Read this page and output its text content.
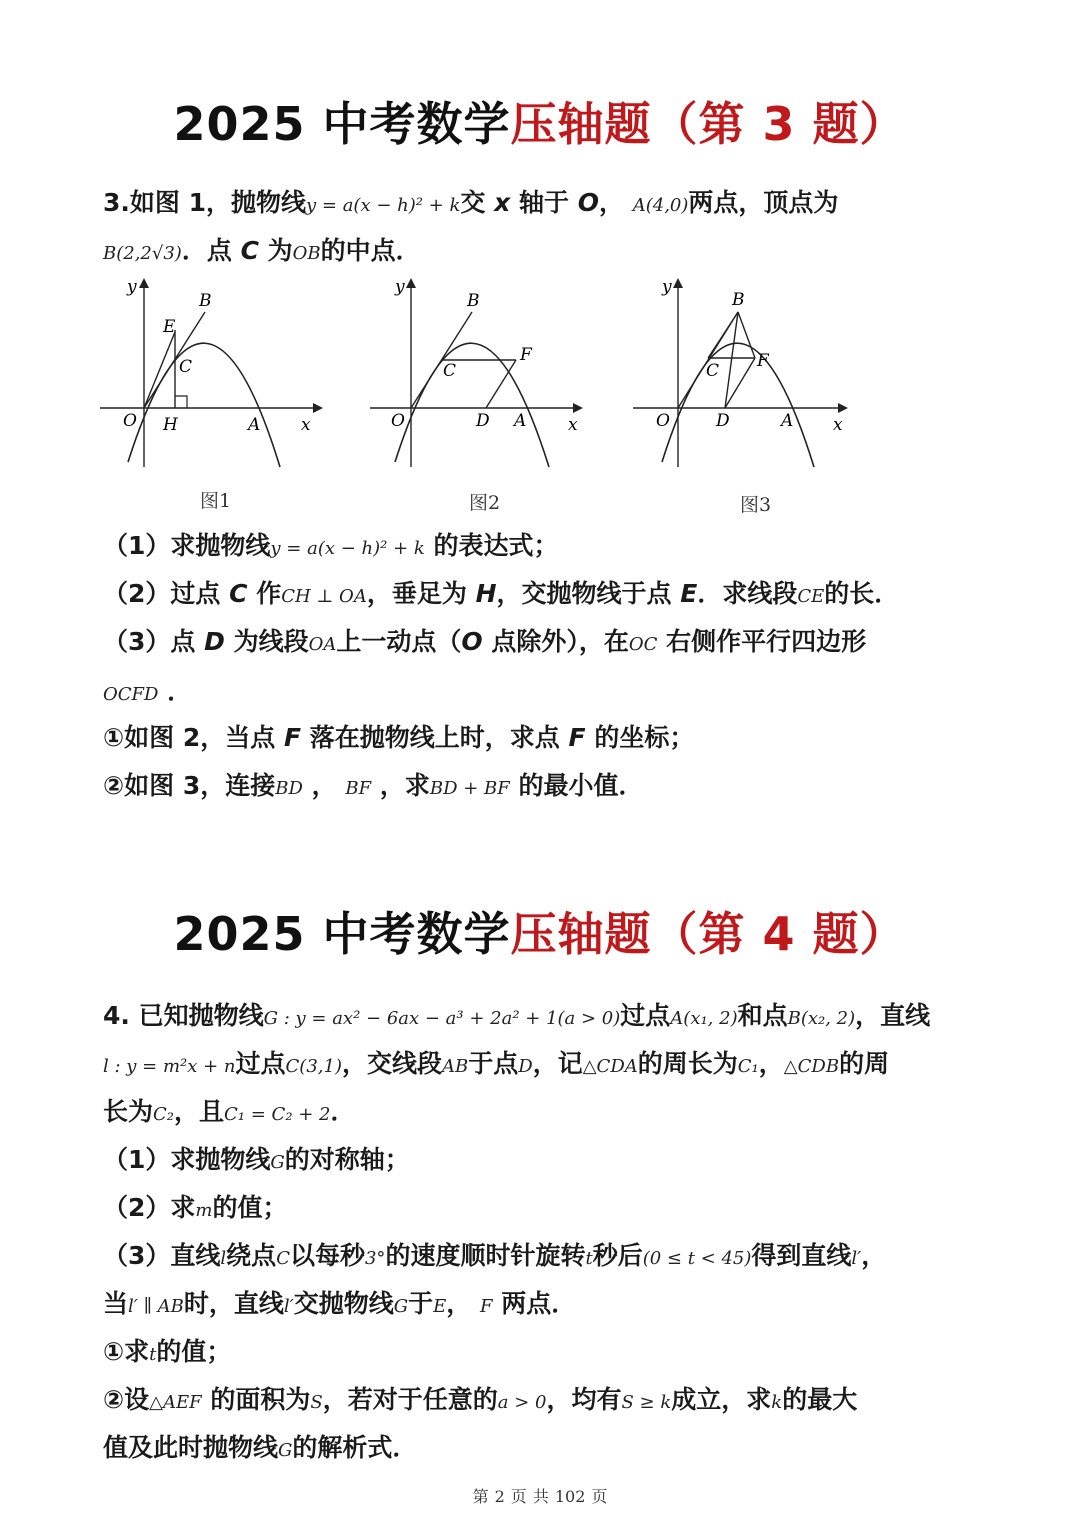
2025 中考数学压轴题（第 3 题）
3.如图 1，抛物线y = a(x − h)² + k交 x 轴于 O， A(4,0)两点，顶点为
B(2,2√3)．点 C 为OB的中点．
y
B
E
C
O H	A x
图1
y
B
F
C
O	D A x
图2
y
B
F
C
O	D	A x
图3
（1）求抛物线y = a(x − h)² + k 的表达式；
（2）过点 C 作CH ⊥ OA，垂足为 H，交抛物线于点 E．求线段CE的长．
（3）点 D 为线段OA上一动点（O 点除外），在OC 右侧作平行四边形
OCFD ．
①如图 2，当点 F 落在抛物线上时，求点 F 的坐标；
②如图 3，连接BD ， BF ，求BD + BF 的最小值．
2025 中考数学压轴题（第 4 题）
4. 已知抛物线G : y = ax² − 6ax − a³ + 2a² + 1(a > 0)过点A(x₁, 2)和点B(x₂, 2)，直线
l : y = m²x + n过点C(3,1)，交线段AB于点D，记△CDA的周长为C₁，△CDB的周
长为C₂，且C₁ = C₂ + 2．
（1）求抛物线G的对称轴；
（2）求m的值；
（3）直线l绕点C以每秒3°的速度顺时针旋转t秒后(0 ≤ t < 45)得到直线l′，
当l′ ∥ AB时，直线l′交抛物线G于E， F 两点．
①求t的值；
②设△AEF 的面积为S，若对于任意的a > 0，均有S ≥ k成立，求k的最大
值及此时抛物线G的解析式．
第 2 页 共 102 页
